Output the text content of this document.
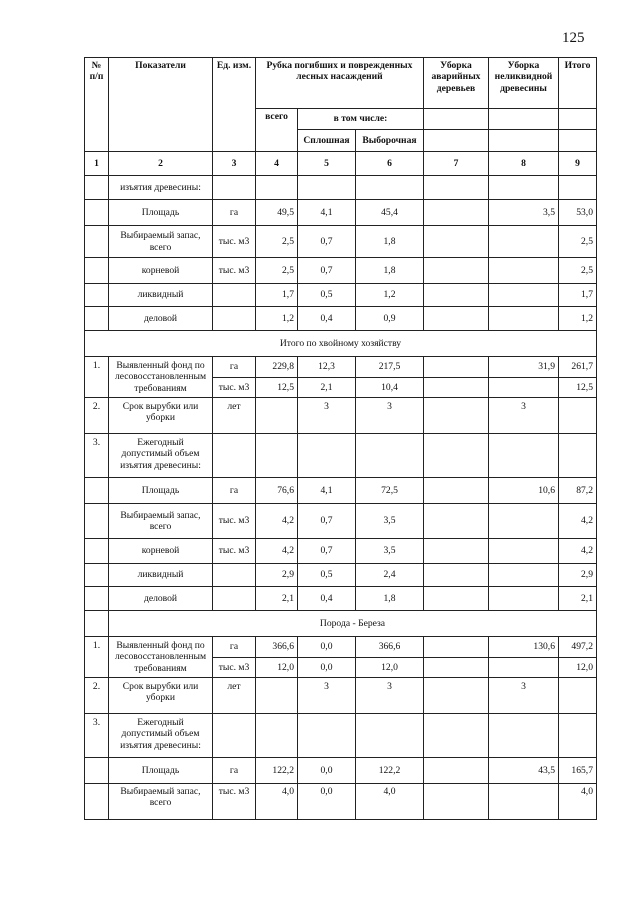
125
№ п/п	Показатели	Ед. изм.	Рубка погибших и поврежденных лесных насаждений			Уборка аварийных деревьев	Уборка неликвидной древесины	Итого
			всего	в том числе:				
				Сплошная	Выборочная			
1	2	3	4	5	6	7	8	9
	изъятия древесины:							
	Площадь	га	49,5	4,1	45,4		3,5	53,0
	Выбираемый запас, всего	тыс. м3	2,5	0,7	1,8			2,5
	корневой	тыс. м3	2,5	0,7	1,8			2,5
	ликвидный		1,7	0,5	1,2			1,7
	деловой		1,2	0,4	0,9			1,2
Итого по хвойному хозяйству								
1.	Выявленный фонд по лесовосстановленным требованиям	га	229,8	12,3	217,5		31,9	261,7
		тыс. м3	12,5	2,1	10,4			12,5
2.	Срок вырубки или уборки	лет		3	3		3	
3.	Ежегодный допустимый объем изъятия древесины:							
	Площадь	га	76,6	4,1	72,5		10,6	87,2
	Выбираемый запас, всего	тыс. м3	4,2	0,7	3,5			4,2
	корневой	тыс. м3	4,2	0,7	3,5			4,2
	ликвидный		2,9	0,5	2,4			2,9
	деловой		2,1	0,4	1,8			2,1
	Порода - Береза							
1.	Выявленный фонд по лесовосстановленным требованиям	га	366,6	0,0	366,6		130,6	497,2
		тыс. м3	12,0	0,0	12,0			12,0
2.	Срок вырубки или уборки	лет		3	3		3	
3.	Ежегодный допустимый объем изъятия древесины:							
	Площадь	га	122,2	0,0	122,2		43,5	165,7
	Выбираемый запас, всего	тыс. м3	4,0	0,0	4,0			4,0
